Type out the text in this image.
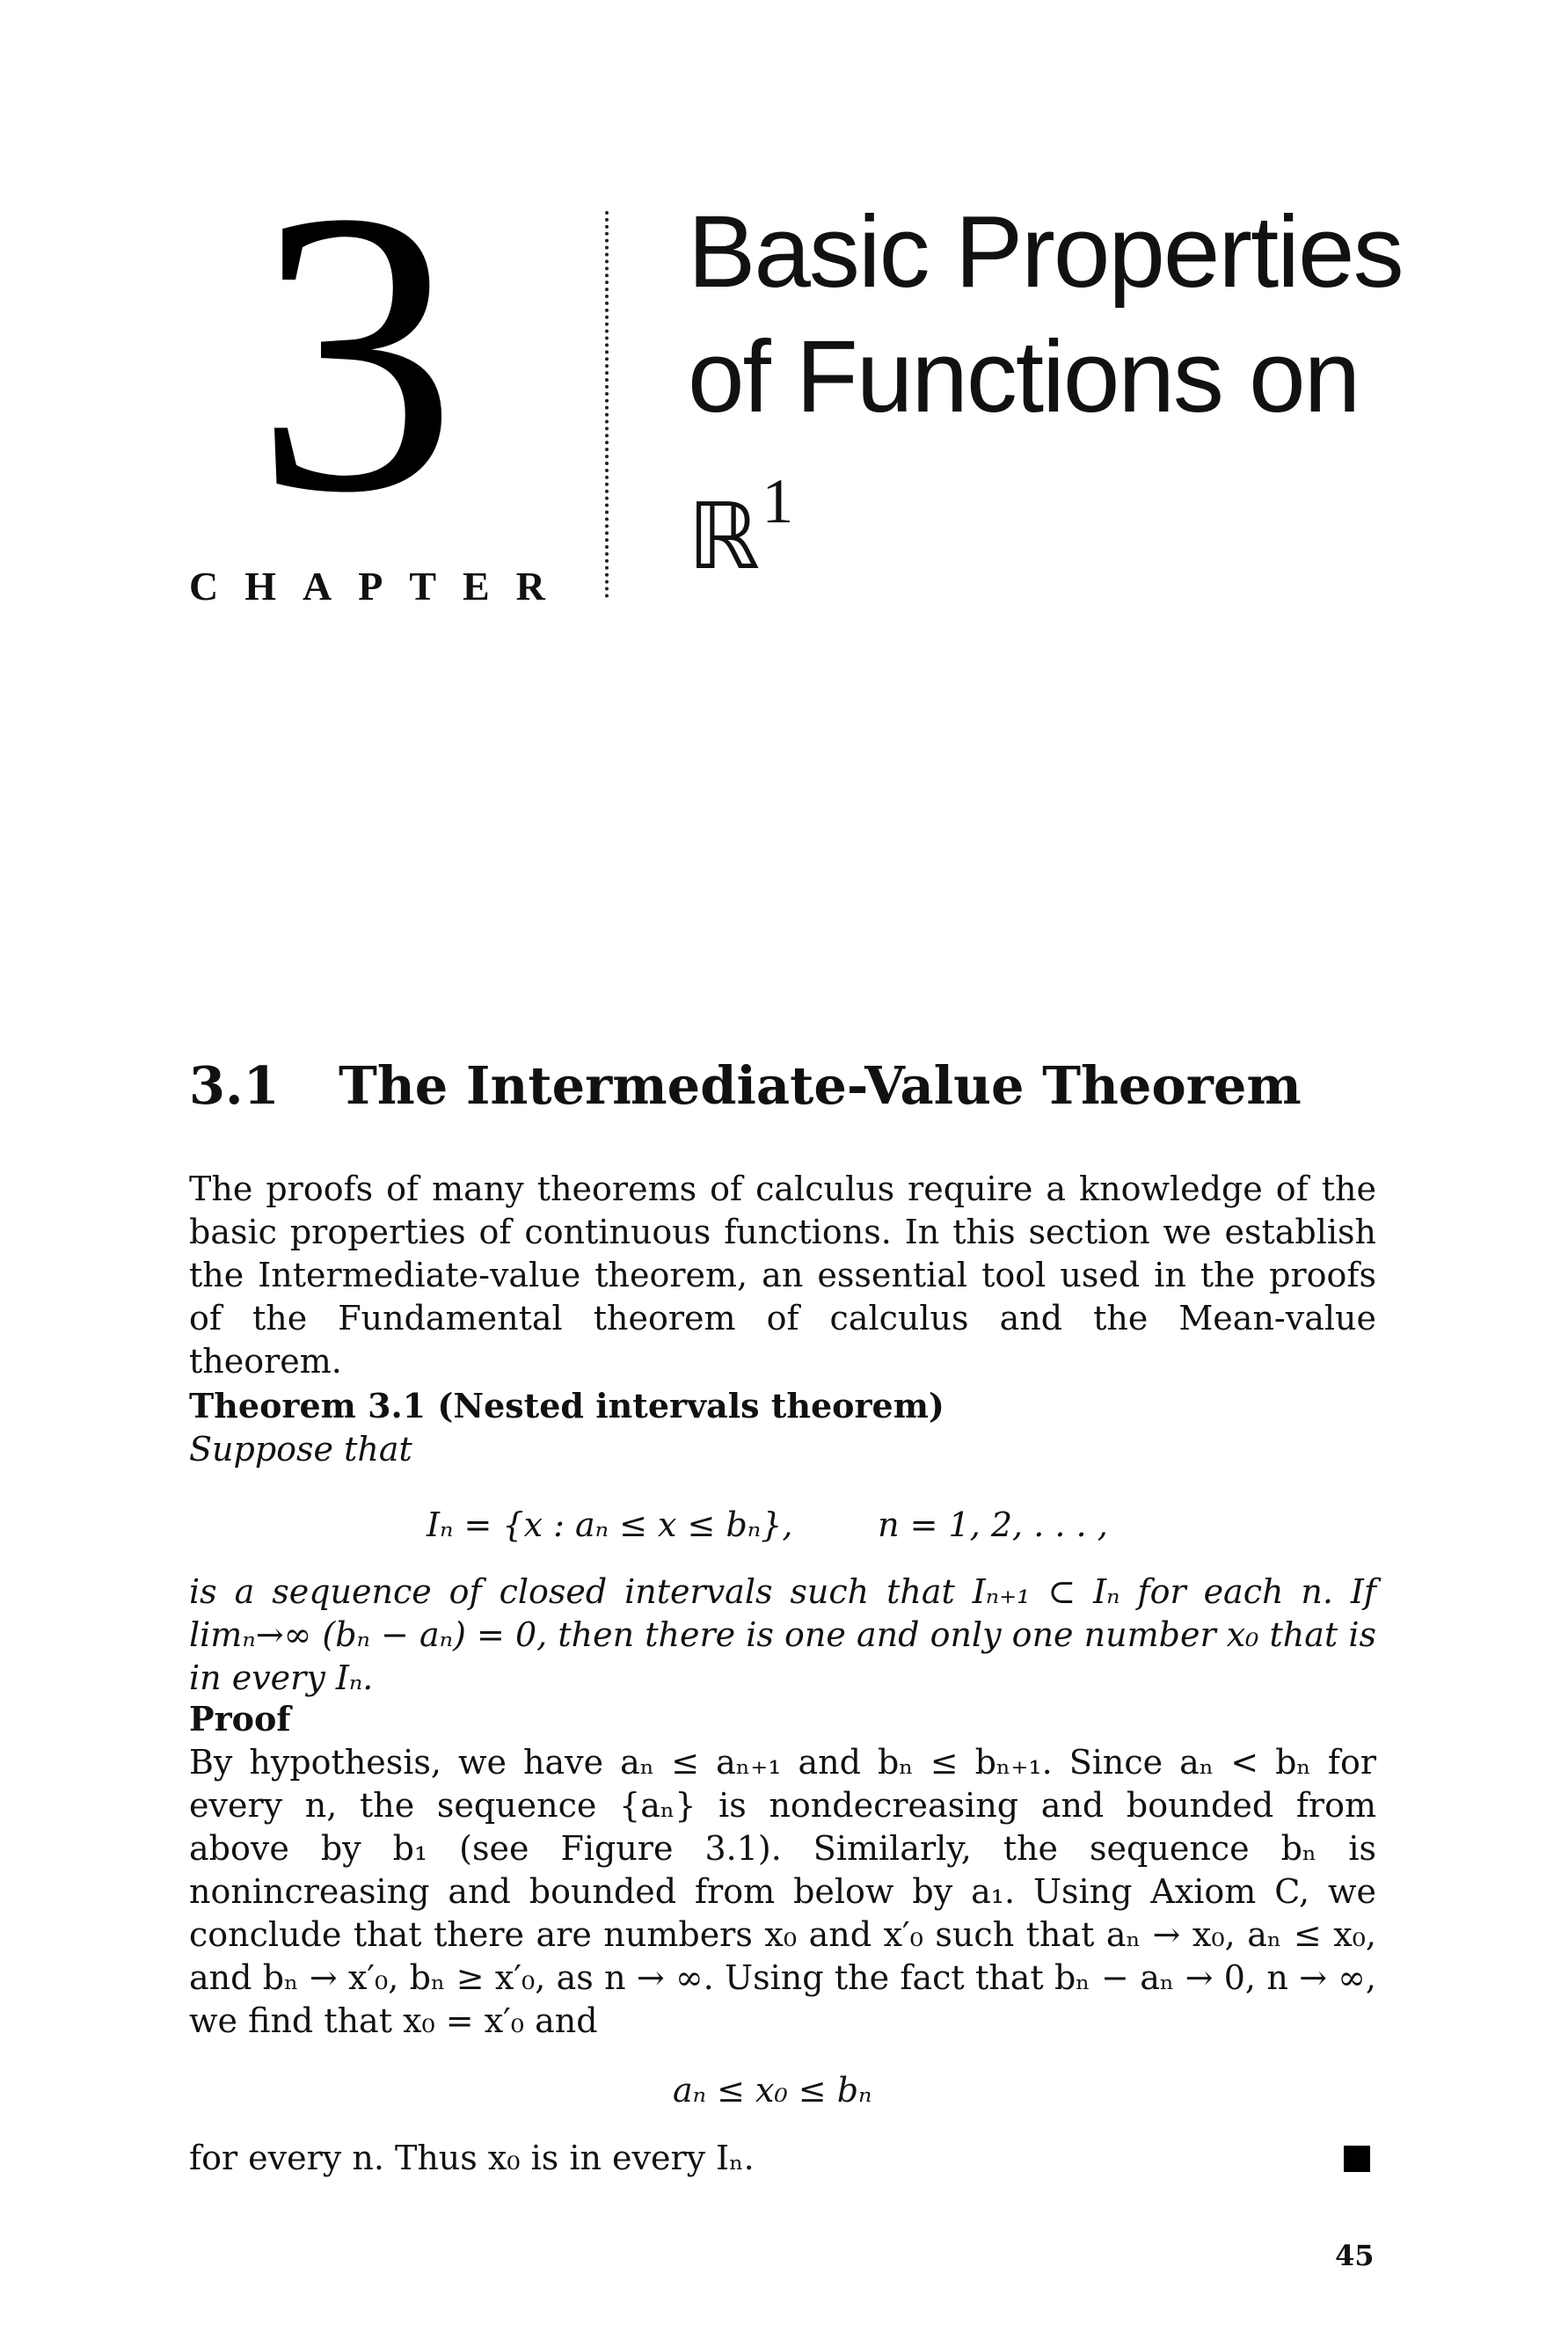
3
CHAPTER
Basic Properties
of Functions on
ℝ$^1$
3.1 The Intermediate-Value Theorem
The proofs of many theorems of calculus require a knowledge of the basic properties of continuous functions. In this section we establish the Intermediate-value theorem, an essential tool used in the proofs of the Fundamental theorem of calculus and the Mean-value theorem.
Theorem 3.1 (Nested intervals theorem)
Suppose that
Iₙ = {x : aₙ ≤ x ≤ bₙ},        n = 1, 2, . . . ,
is a sequence of closed intervals such that Iₙ₊₁ ⊂ Iₙ for each n. If limₙ→∞ (bₙ − aₙ) = 0, then there is one and only one number x₀ that is in every Iₙ.
Proof
By hypothesis, we have aₙ ≤ aₙ₊₁ and bₙ ≤ bₙ₊₁. Since aₙ < bₙ for every n, the sequence {aₙ} is nondecreasing and bounded from above by b₁ (see Figure 3.1). Similarly, the sequence bₙ is nonincreasing and bounded from below by a₁. Using Axiom C, we conclude that there are numbers x₀ and x′₀ such that aₙ → x₀, aₙ ≤ x₀, and bₙ → x′₀, bₙ ≥ x′₀, as n → ∞. Using the fact that bₙ − aₙ → 0, n → ∞, we find that x₀ = x′₀ and
aₙ ≤ x₀ ≤ bₙ
for every n. Thus x₀ is in every Iₙ.
45
